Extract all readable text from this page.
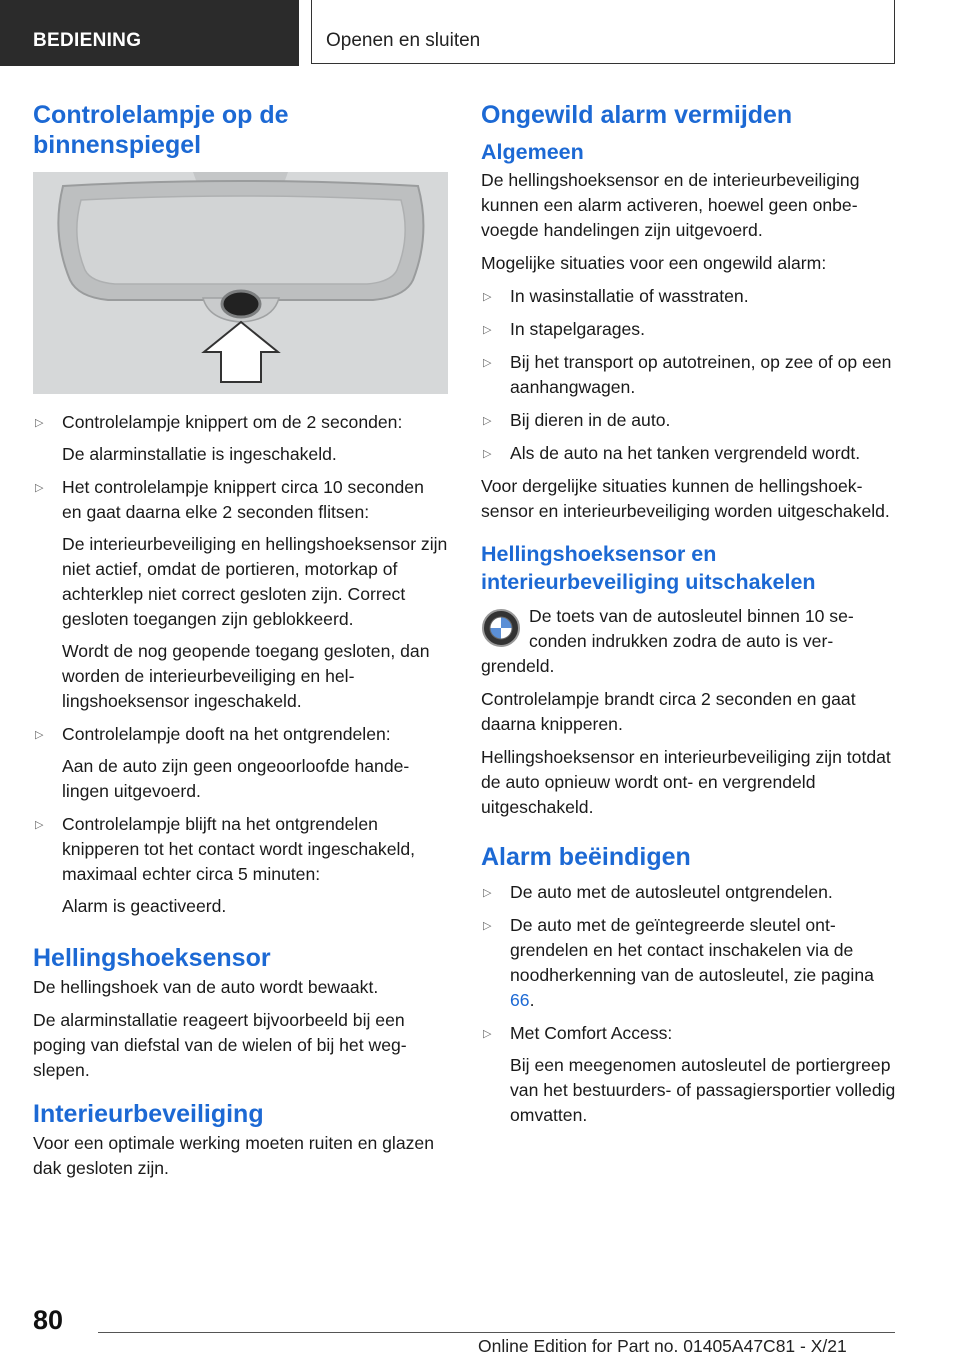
BEDIENING	Openen en sluiten
Controlelampje op de binnenspiegel
▷ Controlelampje knippert om de 2 seconden:
De alarminstallatie is ingeschakeld.
▷ Het controlelampje knippert circa 10 seconden en gaat daarna elke 2 seconden flitsen:
De interieurbeveiliging en hellingshoeksensor zijn niet actief, omdat de portieren, motorkap of achterklep niet correct gesloten zijn. Correct gesloten toegangen zijn geblokkeerd.
Wordt de nog geopende toegang gesloten, dan worden de interieurbeveiliging en hellingshoeksensor ingeschakeld.
▷ Controlelampje dooft na het ontgrendelen:
Aan de auto zijn geen ongeoorloofde handelingen uitgevoerd.
▷ Controlelampje blijft na het ontgrendelen knipperen tot het contact wordt ingeschakeld, maximaal echter circa 5 minuten:
Alarm is geactiveerd.
Hellingshoeksensor

De hellingshoek van de auto wordt bewaakt.

De alarminstallatie reageert bijvoorbeeld bij een poging van diefstal van de wielen of bij het wegslepen.

Interieurbeveiliging

Voor een optimale werking moeten ruiten en glazen dak gesloten zijn.

Ongewild alarm vermijden
Algemeen

De hellingshoeksensor en de interieurbeveiliging kunnen een alarm activeren, hoewel geen onbevoegde handelingen zijn uitgevoerd.

Mogelijke situaties voor een ongewild alarm:

▷ In wasinstallatie of wasstraten.
▷ In stapelgarages.
▷ Bij het transport op autotreinen, op zee of op een aanhangwagen.
▷ Bij dieren in de auto.
▷ Als de auto na het tanken vergrendeld wordt.

Voor dergelijke situaties kunnen de hellingshoeksensor en interieurbeveiliging worden uitgeschakeld.

Hellingshoeksensor en interieurbeveiliging uitschakelen

De toets van de autosleutel binnen 10 seconden indrukken zodra de auto is vergrendeld.

Controlelampje brandt circa 2 seconden en gaat daarna knipperen.

Hellingshoeksensor en interieurbeveiliging zijn totdat de auto opnieuw wordt ont- en vergrendeld uitgeschakeld.

Alarm beëindigen
▷ De auto met de autosleutel ontgrendelen.
▷ De auto met de geïntegreerde sleutel ontgrendelen en het contact inschakelen via de noodherkenning van de autosleutel, zie pagina 66.
▷ Met Comfort Access:
Bij een meegenomen autosleutel de portiergreep van het bestuurders- of passagiersportier volledig omvatten.
80
Online Edition for Part no. 01405A47C81 - X/21
